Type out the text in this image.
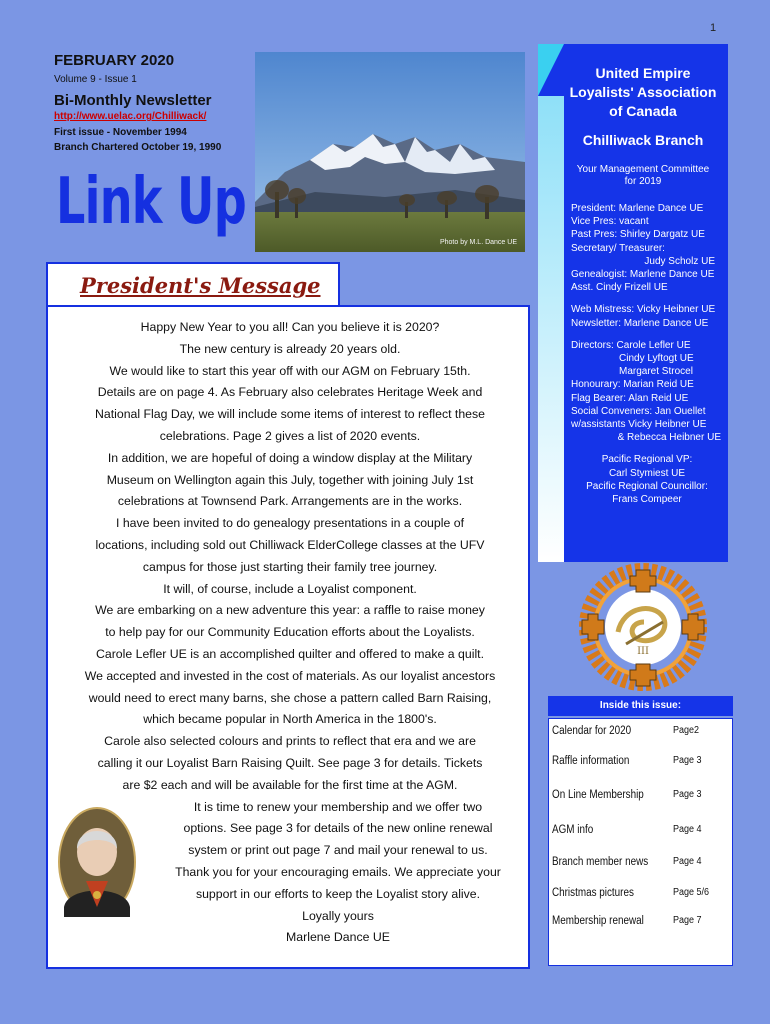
1
FEBRUARY 2020
Volume 9 - Issue 1
Bi-Monthly Newsletter
http://www.uelac.org/Chilliwack/
First issue - November 1994
Branch Chartered October 19, 1990
Link Up
Photo by M.L. Dance UE
United Empire
Loyalists' Association
of Canada
Chilliwack Branch
Your Management Committee
for 2019
President: Marlene Dance UE
Vice Pres: vacant
Past Pres: Shirley Dargatz UE
Secretary/ Treasurer:
Judy Scholz UE
Genealogist: Marlene Dance UE
Asst. Cindy Frizell UE
Web Mistress: Vicky Heibner UE
Newsletter: Marlene Dance UE
Directors: Carole Lefler UE
Cindy Lyftogt UE
Margaret Strocel
Honourary: Marian Reid UE
Flag Bearer: Alan Reid UE
Social Conveners: Jan Ouellet
w/assistants Vicky Heibner UE
& Rebecca Heibner UE
Pacific Regional VP:
Carl Stymiest UE
Pacific Regional Councillor:
Frans Compeer
III
President's Message

Happy New Year to you all! Can you believe it is 2020?

The new century is already 20 years old.

We would like to start this year off with our AGM on February 15th.

Details are on page 4. As February also celebrates Heritage Week and

National Flag Day, we will include some items of interest to reflect these

celebrations. Page 2 gives a list of 2020 events.

In addition, we are hopeful of doing a window display at the Military

Museum on Wellington again this July, together with joining July 1st

celebrations at Townsend Park. Arrangements are in the works.

I have been invited to do genealogy presentations in a couple of

locations, including sold out Chilliwack ElderCollege classes at the UFV

campus for those just starting their family tree journey.

It will, of course, include a Loyalist component.

We are embarking on a new adventure this year: a raffle to raise money

to help pay for our Community Education efforts about the Loyalists.

Carole Lefler UE is an accomplished quilter and offered to make a quilt.

We accepted and invested in the cost of materials. As our loyalist ancestors

would need to erect many barns, she chose a pattern called Barn Raising,

which became popular in North America in the 1800's.

Carole also selected colours and prints to reflect that era and we are

calling it our Loyalist Barn Raising Quilt. See page 3 for details. Tickets

are $2 each and will be available for the first time at the AGM.

It is time to renew your membership and we offer two

options. See page 3 for details of the new online renewal

system or print out page 7 and mail your renewal to us.

Thank you for your encouraging emails. We appreciate your

support in our efforts to keep the Loyalist story alive.

Loyally yours

Marlene Dance UE

Inside this issue:
Calendar for 2020	Page2
Raffle information	Page 3
On Line Membership	Page 3
AGM info	Page 4
Branch member news Page 4
Christmas pictures	Page 5/6
Membership renewal	Page 7
